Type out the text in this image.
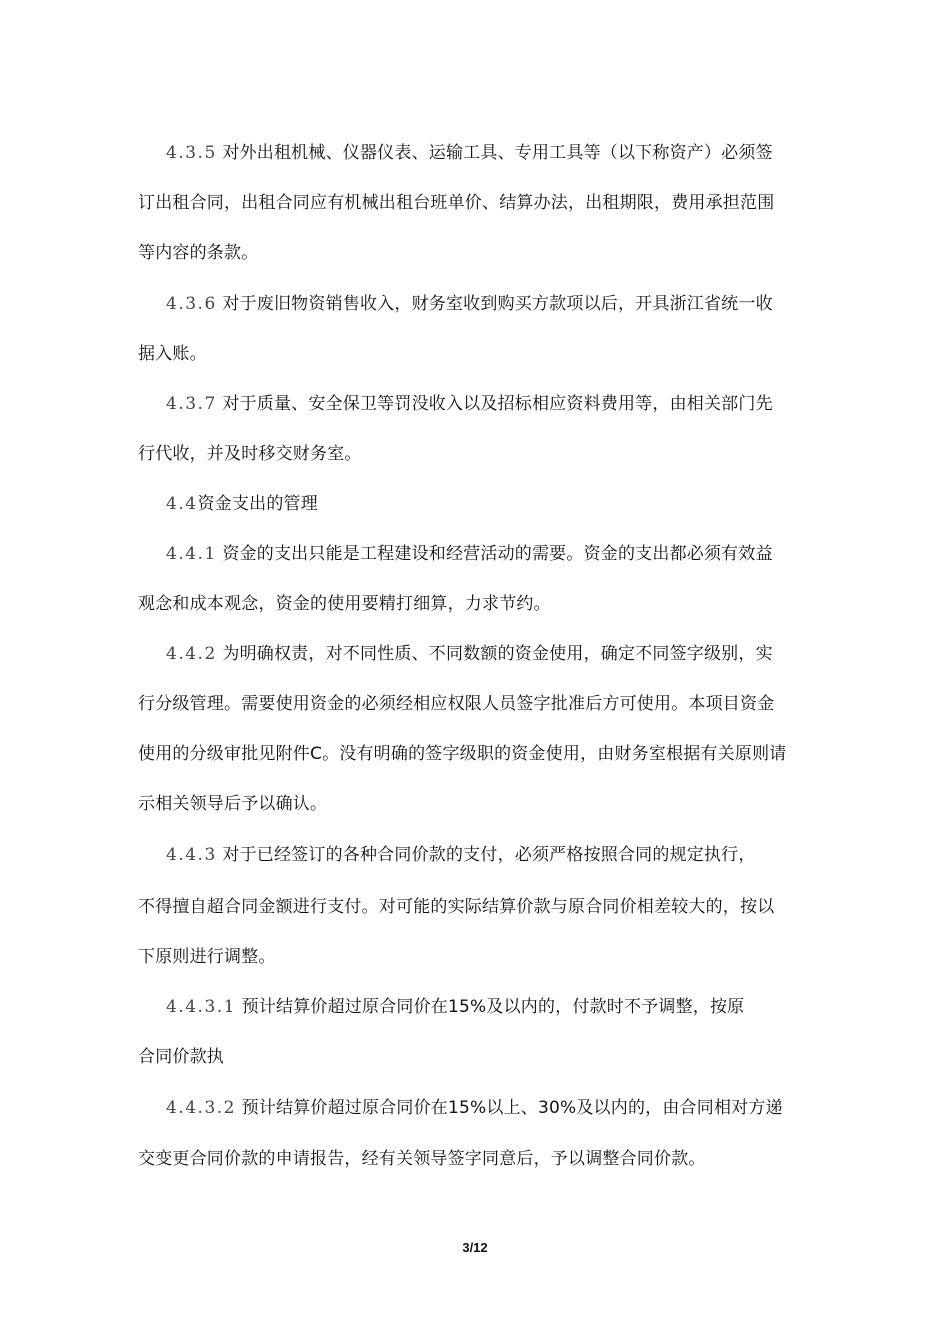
4.3.5 对外出租机械、仪器仪表、运输工具、专用工具等（以下称资产）必须签
订出租合同，出租合同应有机械出租台班单价、结算办法，出租期限，费用承担范围
等内容的条款。
4.3.6 对于废旧物资销售收入，财务室收到购买方款项以后，开具浙江省统一收
据入账。
4.3.7 对于质量、安全保卫等罚没收入以及招标相应资料费用等，由相关部门先
行代收，并及时移交财务室。
4.4资金支出的管理
4.4.1 资金的支出只能是工程建设和经营活动的需要。资金的支出都必须有效益
观念和成本观念，资金的使用要精打细算，力求节约。
4.4.2 为明确权责，对不同性质、不同数额的资金使用，确定不同签字级别，实
行分级管理。需要使用资金的必须经相应权限人员签字批准后方可使用。本项目资金
使用的分级审批见附件C。没有明确的签字级职的资金使用，由财务室根据有关原则请
示相关领导后予以确认。
4.4.3 对于已经签订的各种合同价款的支付，必须严格按照合同的规定执行，
不得擅自超合同金额进行支付。对可能的实际结算价款与原合同价相差较大的，按以
下原则进行调整。
4.4.3.1 预计结算价超过原合同价在15%及以内的，付款时不予调整，按原
合同价款执
4.4.3.2 预计结算价超过原合同价在15%以上、30%及以内的，由合同相对方递
交变更合同价款的申请报告，经有关领导签字同意后，予以调整合同价款。
3/12
